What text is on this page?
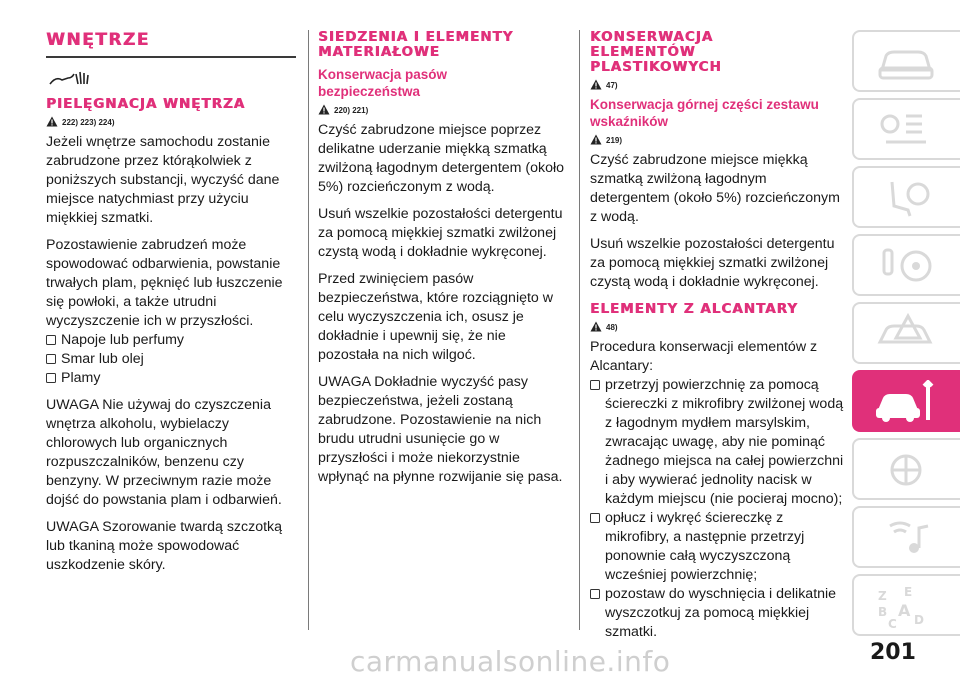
WNĘTRZE
PIELĘGNACJA WNĘTRZA
222) 223) 224)

Jeżeli wnętrze samochodu zostanie zabrudzone przez którąkolwiek z poniższych substancji, wyczyść dane miejsce natychmiast przy użyciu miękkiej szmatki.

Pozostawienie zabrudzeń może spowodować odbarwienia, powstanie trwałych plam, pęknięć lub łuszczenie się powłoki, a także utrudni wyczyszczenie ich w przyszłości.

Napoje lub perfumy
Smar lub olej
Plamy

UWAGA Nie używaj do czyszczenia wnętrza alkoholu, wybielaczy chlorowych lub organicznych rozpuszczalników, benzenu czy benzyny. W przeciwnym razie może dojść do powstania plam i odbarwień.

UWAGA Szorowanie twardą szczotką lub tkaniną może spowodować uszkodzenie skóry.

SIEDZENIA I ELEMENTY MATERIAŁOWE
Konserwacja pasów bezpieczeństwa
220) 221)

Czyść zabrudzone miejsce poprzez delikatne uderzanie miękką szmatką zwilżoną łagodnym detergentem (około 5%) rozcieńczonym z wodą.

Usuń wszelkie pozostałości detergentu za pomocą miękkiej szmatki zwilżonej czystą wodą i dokładnie wykręconej.

Przed zwinięciem pasów bezpieczeństwa, które rozciągnięto w celu wyczyszczenia ich, osusz je dokładnie i upewnij się, że nie pozostała na nich wilgoć.

UWAGA Dokładnie wyczyść pasy bezpieczeństwa, jeżeli zostaną zabrudzone. Pozostawienie na nich brudu utrudni usunięcie go w przyszłości i może niekorzystnie wpłynąć na płynne rozwijanie się pasa.

KONSERWACJA ELEMENTÓW PLASTIKOWYCH
47)
Konserwacja górnej części zestawu wskaźników
219)

Czyść zabrudzone miejsce miękką szmatką zwilżoną łagodnym detergentem (około 5%) rozcieńczonym z wodą.

Usuń wszelkie pozostałości detergentu za pomocą miękkiej szmatki zwilżonej czystą wodą i dokładnie wykręconej.

ELEMENTY Z ALCANTARY
48)

Procedura konserwacji elementów z Alcantary:

przetrzyj powierzchnię za pomocą ściereczki z mikrofibry zwilżonej wodą z łagodnym mydłem marsylskim, zwracając uwagę, aby nie pominąć żadnego miejsca na całej powierzchni i aby wywierać jednolity nacisk w każdym miejscu (nie pocieraj mocno);
opłucz i wykręć ściereczkę z mikrofibry, a następnie przetrzyj ponownie całą wyczyszczoną wcześniej powierzchnię;
pozostaw do wyschnięcia i delikatnie wyszczotkuj za pomocą miękkiej szmatki.
Z E
B A
C D
201
carmanualsonline.info
